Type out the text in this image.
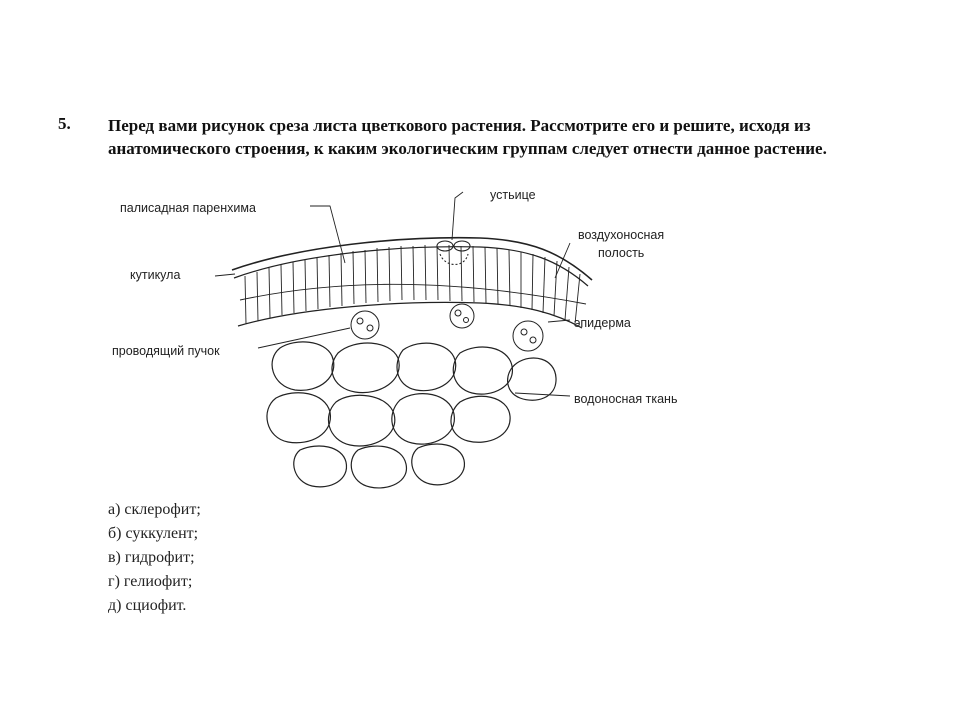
5. Перед вами рисунок среза листа цветкового растения. Рассмотрите его и решите, исходя из анатомического строения, к каким экологическим группам следует отнести данное растение.

палисадная паренхима
устьице
воздухоносная
полость
кутикула
эпидерма
проводящий пучок
водоносная ткань
а) склерофит;
б) суккулент;
в) гидрофит;
г) гелиофит;
д) сциофит.
